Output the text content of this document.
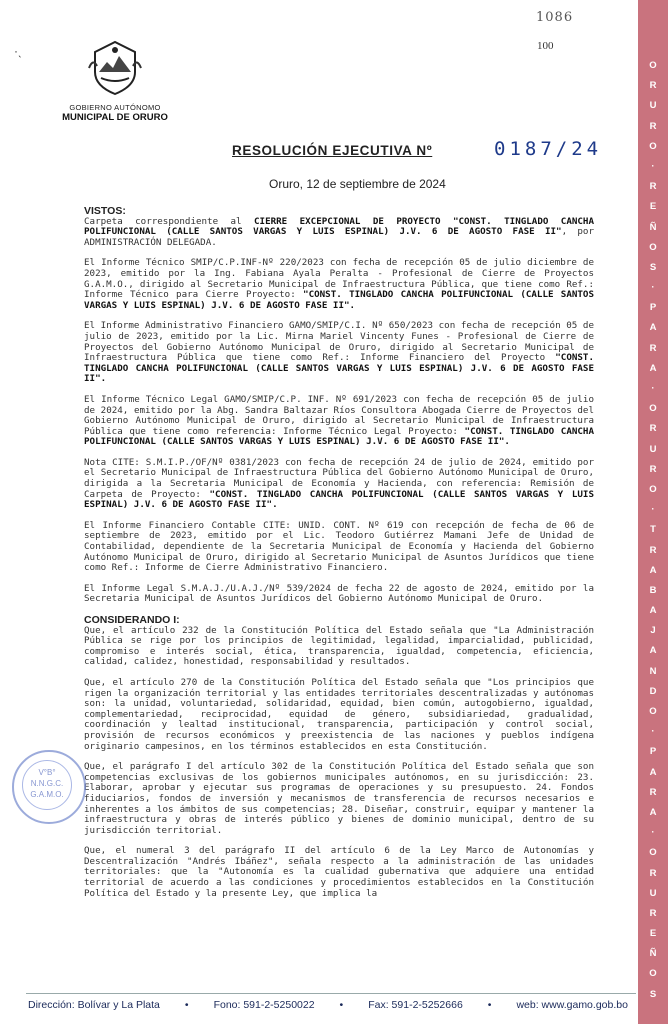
1086
100
·ˎ
GOBIERNO AUTÓNOMO
MUNICIPAL DE ORURO
RESOLUCIÓN EJECUTIVA Nº	0187/24
Oruro, 12 de septiembre de 2024
VISTOS:

Carpeta correspondiente al CIERRE EXCEPCIONAL DE PROYECTO "CONST. TINGLADO CANCHA POLIFUNCIONAL (CALLE SANTOS VARGAS Y LUIS ESPINAL) J.V. 6 DE AGOSTO FASE II", por ADMINISTRACIÓN DELEGADA.

El Informe Técnico SMIP/C.P.INF-Nº 220/2023 con fecha de recepción 05 de julio diciembre de 2023, emitido por la Ing. Fabiana Ayala Peralta - Profesional de Cierre de Proyectos G.A.M.O., dirigido al Secretario Municipal de Infraestructura Pública, que tiene como Ref.: Informe Técnico para Cierre Proyecto: "CONST. TINGLADO CANCHA POLIFUNCIONAL (CALLE SANTOS VARGAS Y LUIS ESPINAL) J.V. 6 DE AGOSTO FASE II".

El Informe Administrativo Financiero GAMO/SMIP/C.I. Nº 650/2023 con fecha de recepción 05 de julio de 2023, emitido por la Lic. Mirna Mariel Vincenty Funes - Profesional de Cierre de Proyectos del Gobierno Autónomo Municipal de Oruro, dirigido al Secretario Municipal de Infraestructura Pública que tiene como Ref.: Informe Financiero del Proyecto "CONST. TINGLADO CANCHA POLIFUNCIONAL (CALLE SANTOS VARGAS Y LUIS ESPINAL) J.V. 6 DE AGOSTO FASE II".

El Informe Técnico Legal GAMO/SMIP/C.P. INF. Nº 691/2023 con fecha de recepción 05 de julio de 2024, emitido por la Abg. Sandra Baltazar Ríos Consultora Abogada Cierre de Proyectos del Gobierno Autónomo Municipal de Oruro, dirigido al Secretario Municipal de Infraestructura Pública que tiene como referencia: Informe Técnico Legal Proyecto: "CONST. TINGLADO CANCHA POLIFUNCIONAL (CALLE SANTOS VARGAS Y LUIS ESPINAL) J.V. 6 DE AGOSTO FASE II".

Nota CITE: S.M.I.P./OF/Nº 0381/2023 con fecha de recepción 24 de julio de 2024, emitido por el Secretario Municipal de Infraestructura Pública del Gobierno Autónomo Municipal de Oruro, dirigida a la Secretaria Municipal de Economía y Hacienda, con referencia: Remisión de Carpeta de Proyecto: "CONST. TINGLADO CANCHA POLIFUNCIONAL (CALLE SANTOS VARGAS Y LUIS ESPINAL) J.V. 6 DE AGOSTO FASE II".

El Informe Financiero Contable CITE: UNID. CONT. Nº 619 con recepción de fecha de 06 de septiembre de 2023, emitido por el Lic. Teodoro Gutiérrez Mamani Jefe de Unidad de Contabilidad, dependiente de la Secretaria Municipal de Economía y Hacienda del Gobierno Autónomo Municipal de Oruro, dirigido al Secretario Municipal de Asuntos Jurídicos que tiene como Ref.: Informe de Cierre Administrativo Financiero.

El Informe Legal S.M.A.J./U.A.J./Nº 539/2024 de fecha 22 de agosto de 2024, emitido por la Secretaria Municipal de Asuntos Jurídicos del Gobierno Autónomo Municipal de Oruro.

CONSIDERANDO I:

Que, el artículo 232 de la Constitución Política del Estado señala que "La Administración Pública se rige por los principios de legitimidad, legalidad, imparcialidad, publicidad, compromiso e interés social, ética, transparencia, igualdad, competencia, eficiencia, calidad, calidez, honestidad, responsabilidad y resultados.

Que, el artículo 270 de la Constitución Política del Estado señala que "Los principios que rigen la organización territorial y las entidades territoriales descentralizadas y autónomas son: la unidad, voluntariedad, solidaridad, equidad, bien común, autogobierno, igualdad, complementariedad, reciprocidad, equidad de género, subsidiariedad, gradualidad, coordinación y lealtad institucional, transparencia, participación y control social, provisión de recursos económicos y preexistencia de las naciones y pueblos indígena originario campesinos, en los términos establecidos en esta Constitución.

Que, el parágrafo I del artículo 302 de la Constitución Política del Estado señala que son competencias exclusivas de los gobiernos municipales autónomos, en su jurisdicción: 23. Elaborar, aprobar y ejecutar sus programas de operaciones y su presupuesto. 24. Fondos fiduciarios, fondos de inversión y mecanismos de transferencia de recursos necesarios e inherentes a los ámbitos de sus competencias; 28. Diseñar, construir, equipar y mantener la infraestructura y obras de interés público y bienes de dominio municipal, dentro de su jurisdicción territorial.

Que, el numeral 3 del parágrafo II del artículo 6 de la Ley Marco de Autonomías y Descentralización "Andrés Ibáñez", señala respecto a la administración de las unidades territoriales: que la "Autonomía es la cualidad gubernativa que adquiere una entidad territorial de acuerdo a las condiciones y procedimientos establecidos en la Constitución Política del Estado y la presente Ley, que implica la

V°B° N.N.G.C. G.A.M.O.
O
R
U
R
O
·
R
E
Ñ
O
S
·
P
A
R
A
·
O
R
U
R
O
·
T
R
A
B
A
J
A
N
D
O
·
P
A
R
A
·
O
R
U
R
E
Ñ
O
S
Dirección: Bolívar y La Plata • Fono: 591-2-5250022 • Fax: 591-2-5252666 • web: www.gamo.gob.bo
